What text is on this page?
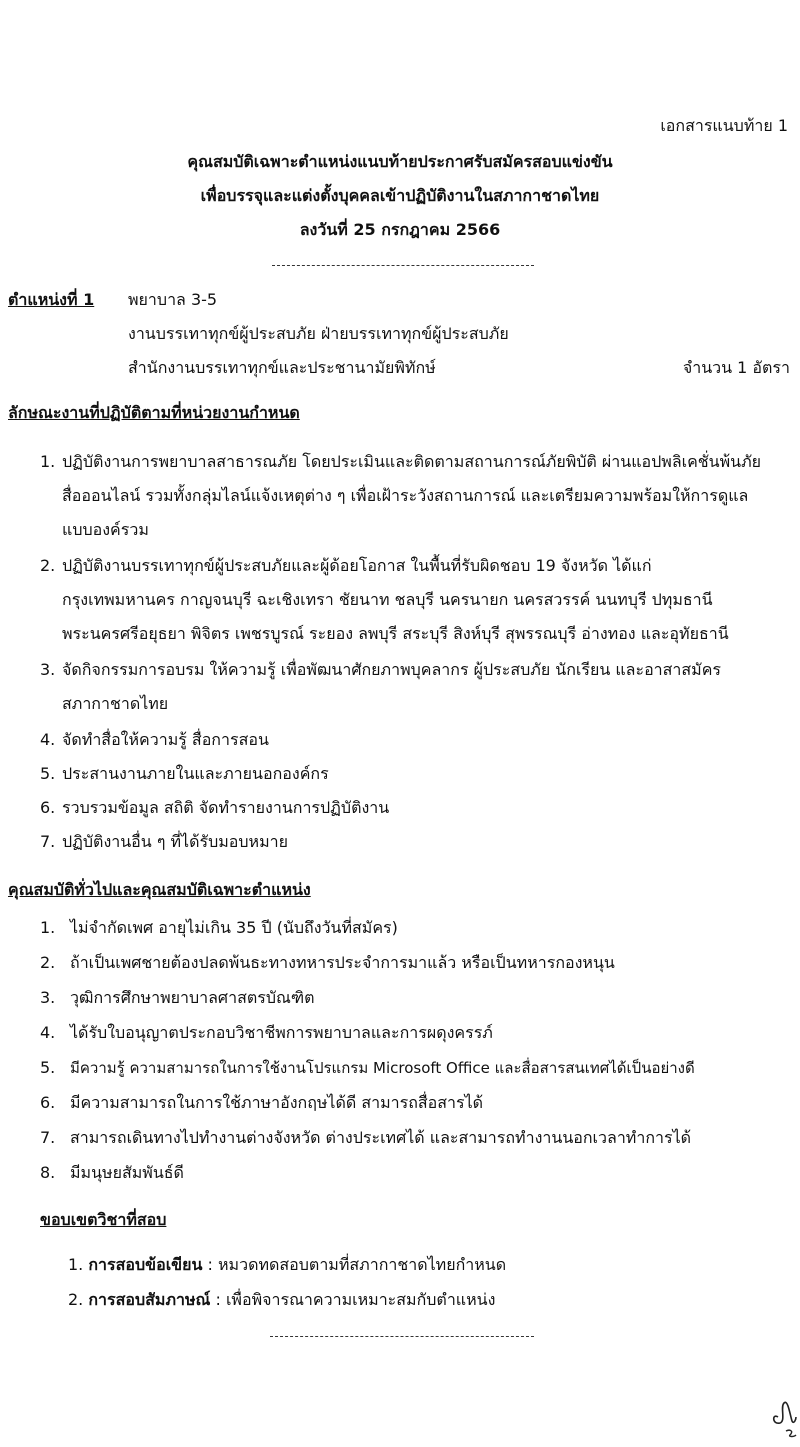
เอกสารแนบท้าย 1
คุณสมบัติเฉพาะตำแหน่งแนบท้ายประกาศรับสมัครสอบแข่งขัน
เพื่อบรรจุและแต่งตั้งบุคคลเข้าปฏิบัติงานในสภากาชาดไทย
ลงวันที่ 25 กรกฎาคม 2566
ตำแหน่งที่ 1 พยาบาล 3-5
งานบรรเทาทุกข์ผู้ประสบภัย ฝ่ายบรรเทาทุกข์ผู้ประสบภัย
สำนักงานบรรเทาทุกข์และประชานามัยพิทักษ์	จำนวน 1 อัตรา
ลักษณะงานที่ปฏิบัติตามที่หน่วยงานกำหนด
1. ปฏิบัติงานการพยาบาลสาธารณภัย โดยประเมินและติดตามสถานการณ์ภัยพิบัติ ผ่านแอปพลิเคชั่นพ้นภัย
สื่อออนไลน์ รวมทั้งกลุ่มไลน์แจ้งเหตุต่าง ๆ เพื่อเฝ้าระวังสถานการณ์ และเตรียมความพร้อมให้การดูแล
แบบองค์รวม
2. ปฏิบัติงานบรรเทาทุกข์ผู้ประสบภัยและผู้ด้อยโอกาส ในพื้นที่รับผิดชอบ 19 จังหวัด ได้แก่
กรุงเทพมหานคร กาญจนบุรี ฉะเชิงเทรา ชัยนาท ชลบุรี นครนายก นครสวรรค์ นนทบุรี ปทุมธานี
พระนครศรีอยุธยา พิจิตร เพชรบูรณ์ ระยอง ลพบุรี สระบุรี สิงห์บุรี สุพรรณบุรี อ่างทอง และอุทัยธานี
3. จัดกิจกรรมการอบรม ให้ความรู้ เพื่อพัฒนาศักยภาพบุคลากร ผู้ประสบภัย นักเรียน และอาสาสมัคร
สภากาชาดไทย
4. จัดทำสื่อให้ความรู้ สื่อการสอน
5. ประสานงานภายในและภายนอกองค์กร
6. รวบรวมข้อมูล สถิติ จัดทำรายงานการปฏิบัติงาน
7. ปฏิบัติงานอื่น ๆ ที่ได้รับมอบหมาย
คุณสมบัติทั่วไปและคุณสมบัติเฉพาะตำแหน่ง
1. ไม่จำกัดเพศ อายุไม่เกิน 35 ปี (นับถึงวันที่สมัคร)
2. ถ้าเป็นเพศชายต้องปลดพ้นธะทางทหารประจำการมาแล้ว หรือเป็นทหารกองหนุน
3. วุฒิการศึกษาพยาบาลศาสตรบัณฑิต
4. ได้รับใบอนุญาตประกอบวิชาชีพการพยาบาลและการผดุงครรภ์
5. มีความรู้ ความสามารถในการใช้งานโปรแกรม Microsoft Office และสื่อสารสนเทศได้เป็นอย่างดี
6. มีความสามารถในการใช้ภาษาอังกฤษได้ดี สามารถสื่อสารได้
7. สามารถเดินทางไปทำงานต่างจังหวัด ต่างประเทศได้ และสามารถทำงานนอกเวลาทำการได้
8. มีมนุษยสัมพันธ์ดี
ขอบเขตวิชาที่สอบ
1. การสอบข้อเขียน : หมวดทดสอบตามที่สภากาชาดไทยกำหนด
2. การสอบสัมภาษณ์ : เพื่อพิจารณาความเหมาะสมกับตำแหน่ง
